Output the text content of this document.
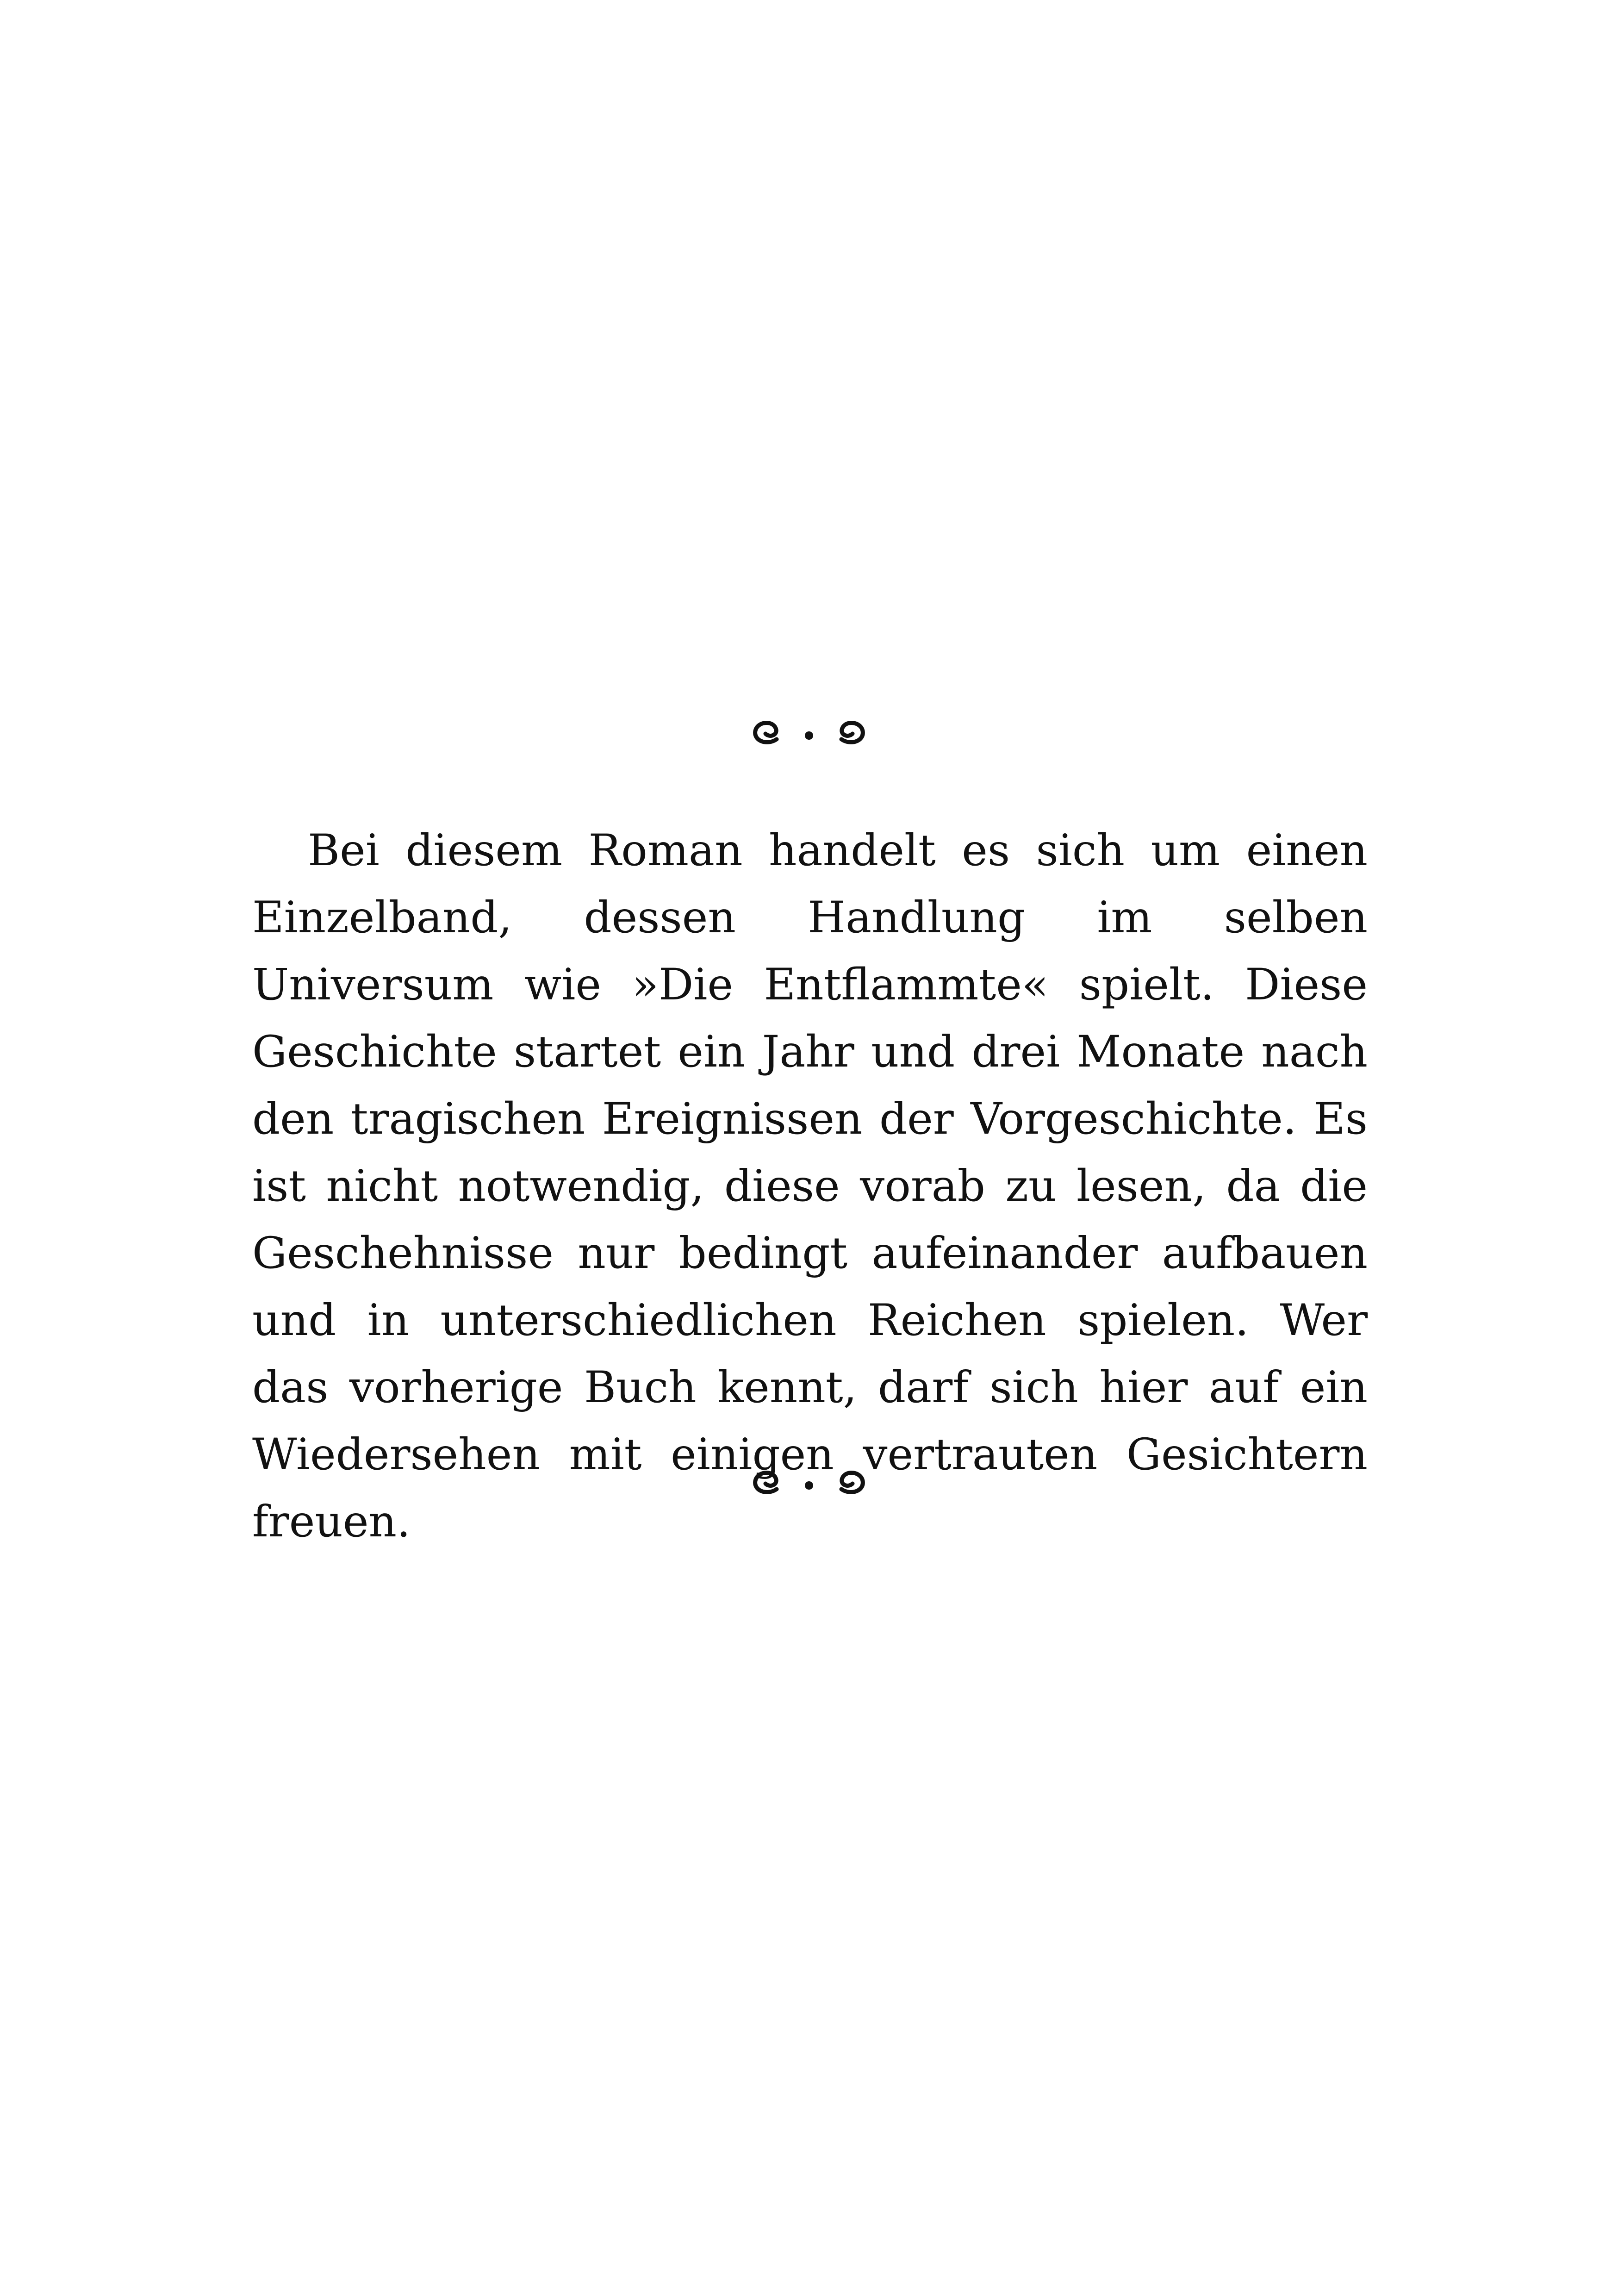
Bei diesem Roman handelt es sich um einen Einzelband, dessen Handlung im selben Universum wie »Die Entflammte« spielt. Diese Geschichte startet ein Jahr und drei Monate nach den tragischen Ereignissen der Vorgeschichte. Es ist nicht notwendig, diese vorab zu lesen, da die Geschehnisse nur bedingt aufeinander aufbauen und in unterschiedlichen Reichen spielen. Wer das vorherige Buch kennt, darf sich hier auf ein Wiedersehen mit einigen vertrauten Gesichtern freuen.
